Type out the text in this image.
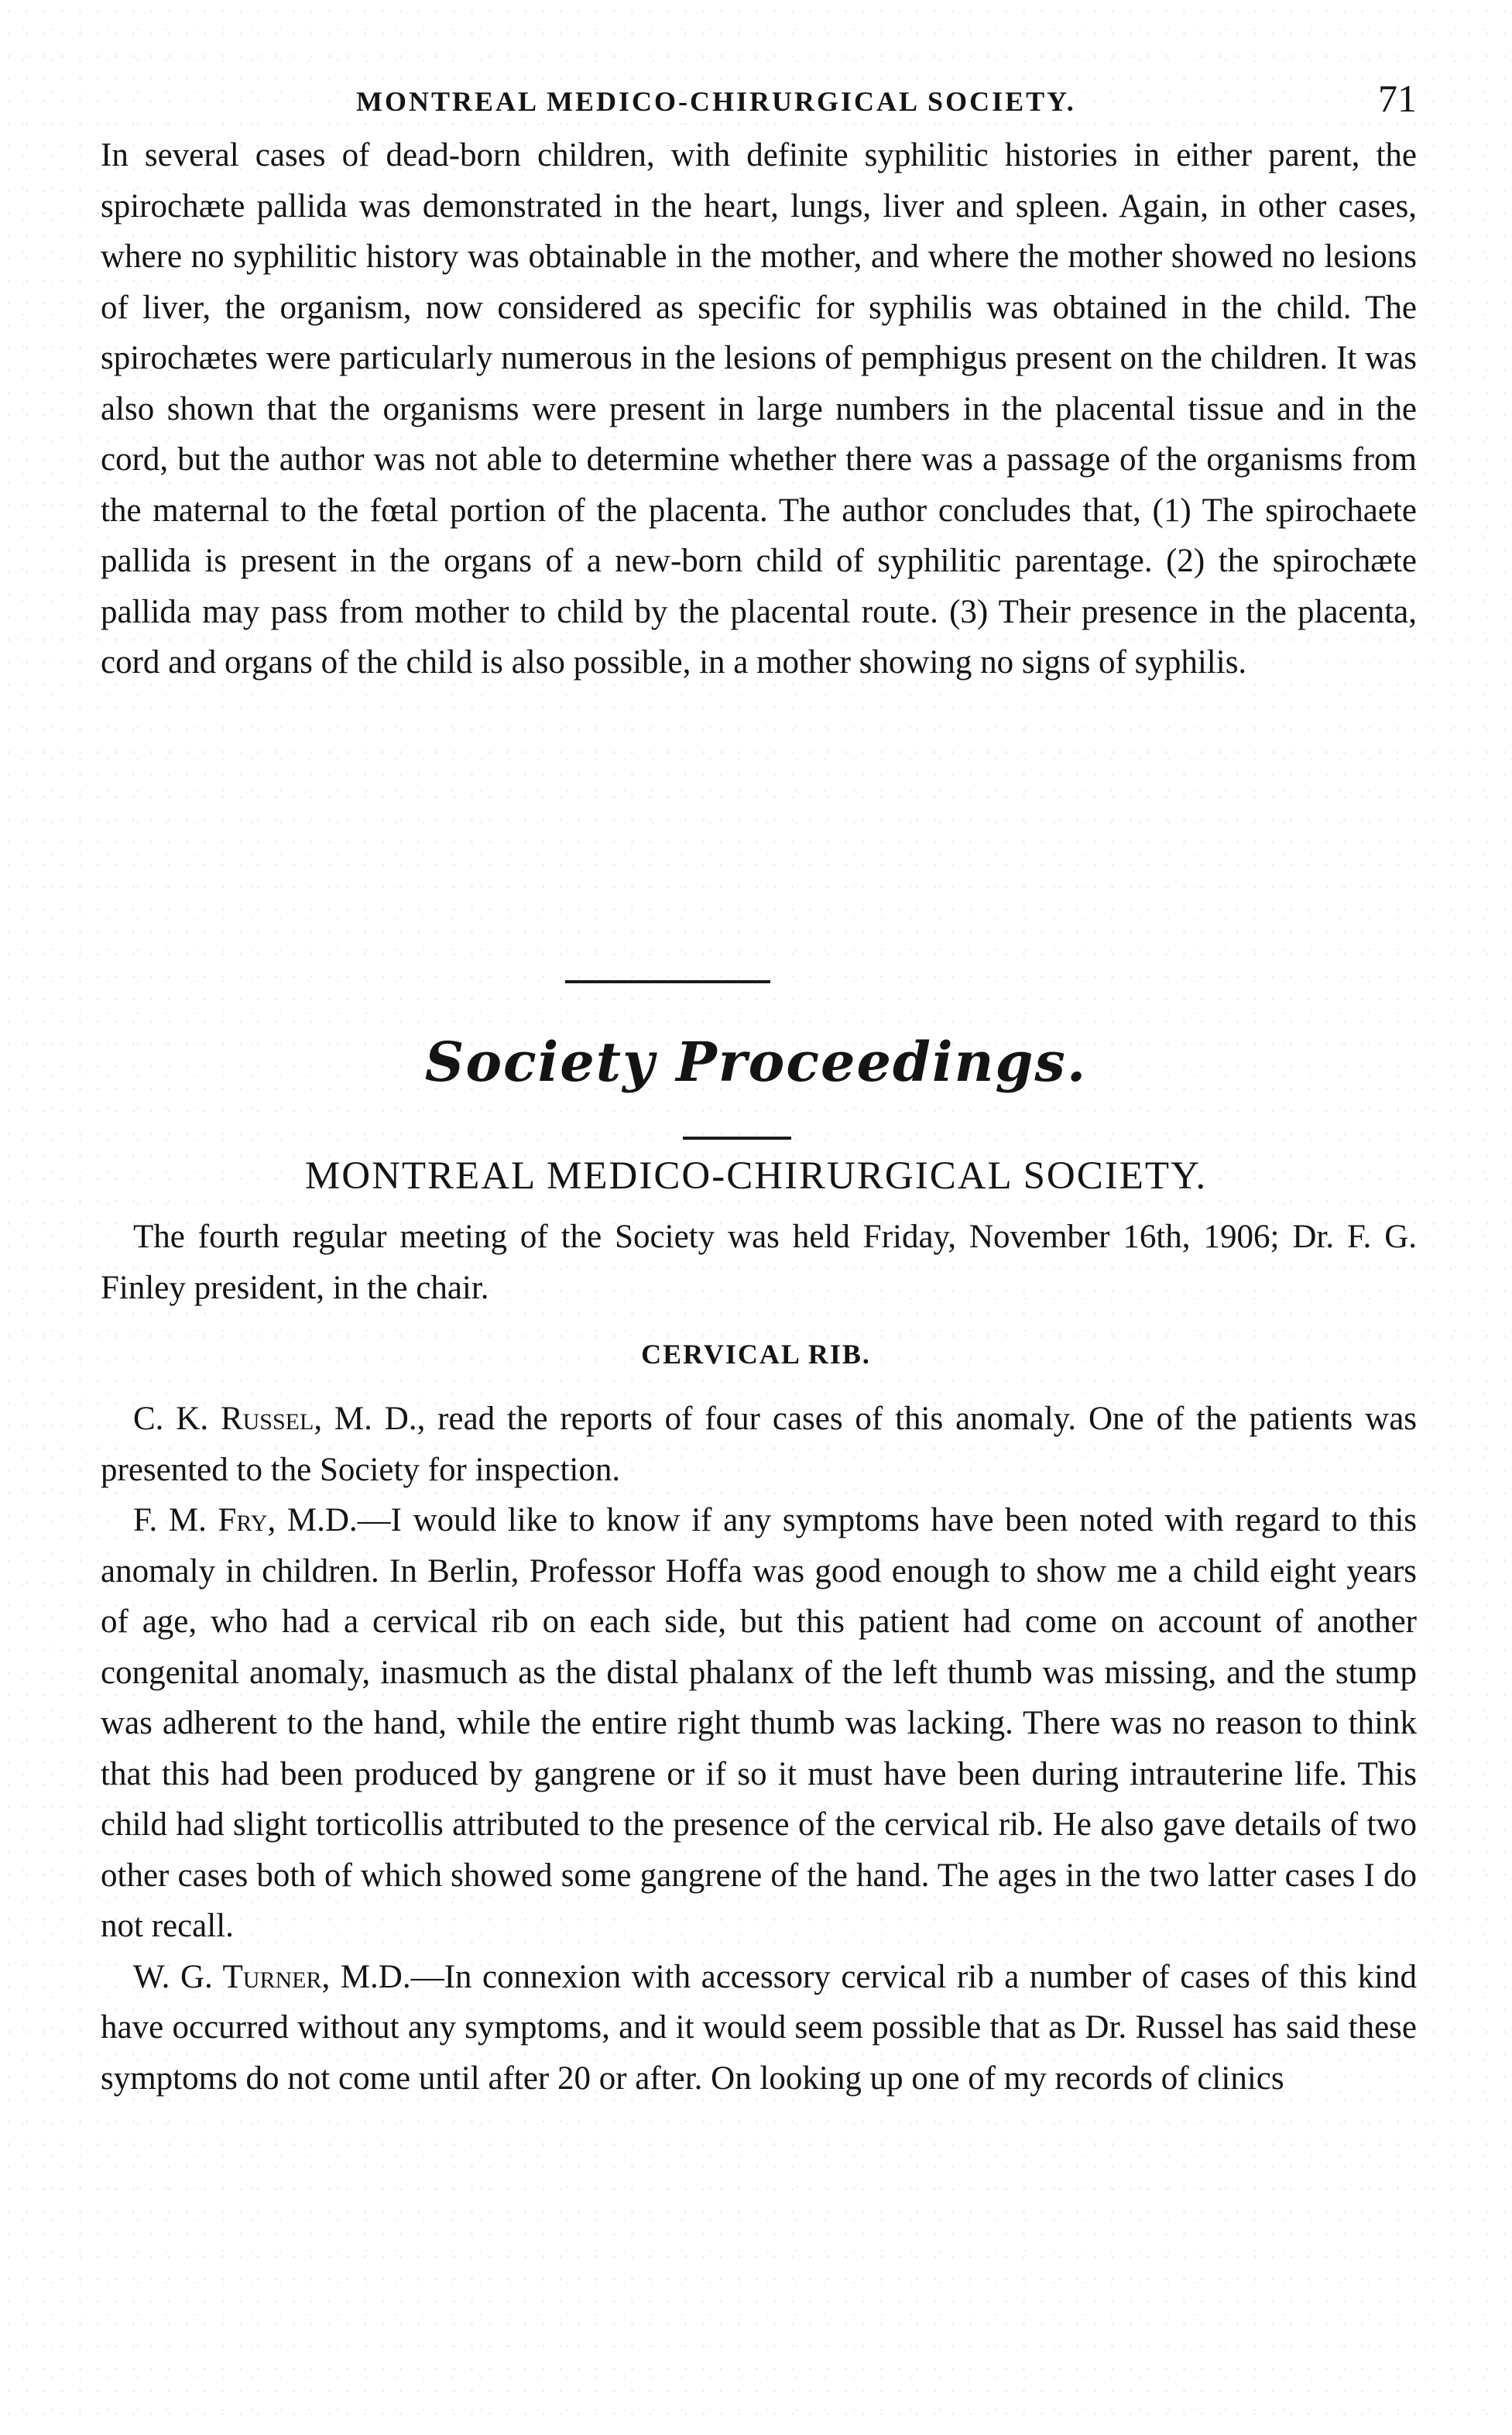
MONTREAL MEDICO-CHIRURGICAL SOCIETY.	71

In several cases of dead-born children, with definite syphilitic histories in either parent, the spirochæte pallida was demonstrated in the heart, lungs, liver and spleen. Again, in other cases, where no syphilitic history was obtainable in the mother, and where the mother showed no lesions of liver, the organism, now considered as specific for syphilis was obtained in the child. The spirochætes were particularly numerous in the lesions of pemphigus present on the children. It was also shown that the organisms were present in large numbers in the placental tissue and in the cord, but the author was not able to determine whether there was a passage of the organisms from the maternal to the fœtal portion of the placenta. The author concludes that, (1) The spirochaete pallida is present in the organs of a new-born child of syphilitic parentage. (2) the spirochæte pallida may pass from mother to child by the placental route. (3) Their presence in the placenta, cord and organs of the child is also possible, in a mother showing no signs of syphilis.

Society Proceedings.
MONTREAL MEDICO-CHIRURGICAL SOCIETY.

The fourth regular meeting of the Society was held Friday, November 16th, 1906; Dr. F. G. Finley president, in the chair.

CERVICAL RIB.

C. K. Russel, M. D., read the reports of four cases of this anomaly. One of the patients was presented to the Society for inspection.

F. M. Fry, M.D.—I would like to know if any symptoms have been noted with regard to this anomaly in children. In Berlin, Professor Hoffa was good enough to show me a child eight years of age, who had a cervical rib on each side, but this patient had come on account of another congenital anomaly, inasmuch as the distal phalanx of the left thumb was missing, and the stump was adherent to the hand, while the entire right thumb was lacking. There was no reason to think that this had been produced by gangrene or if so it must have been during intrauterine life. This child had slight torticollis attributed to the presence of the cervical rib. He also gave details of two other cases both of which showed some gangrene of the hand. The ages in the two latter cases I do not recall.

W. G. Turner, M.D.—In connexion with accessory cervical rib a number of cases of this kind have occurred without any symptoms, and it would seem possible that as Dr. Russel has said these symptoms do not come until after 20 or after. On looking up one of my records of clinics
